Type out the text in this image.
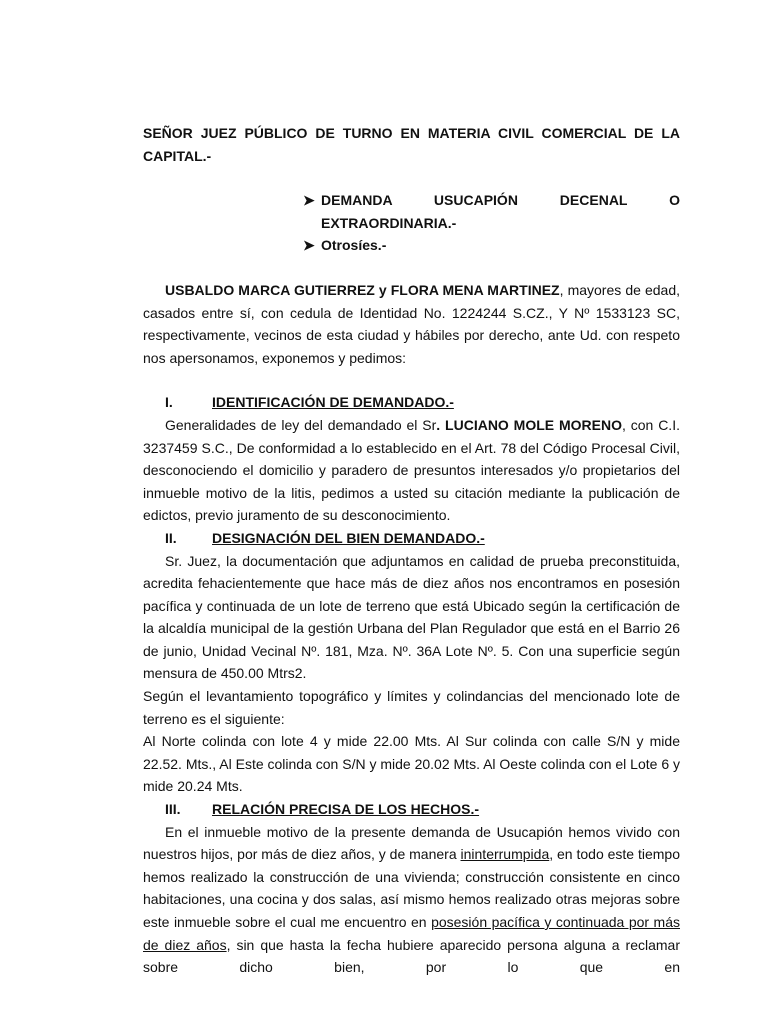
SEÑOR JUEZ PÚBLICO DE TURNO EN MATERIA CIVIL COMERCIAL DE LA CAPITAL.-

➤ DEMANDA USUCAPIÓN DECENAL O EXTRAORDINARIA.-
➤ Otrosíes.-

USBALDO MARCA GUTIERREZ y FLORA MENA MARTINEZ, mayores de edad, casados entre sí, con cedula de Identidad No. 1224244 S.CZ., Y Nº 1533123 SC, respectivamente, vecinos de esta ciudad y hábiles por derecho, ante Ud. con respeto nos apersonamos, exponemos y pedimos:

I.	IDENTIFICACIÓN DE DEMANDADO.-

Generalidades de ley del demandado el Sr. LUCIANO MOLE MORENO, con C.I. 3237459 S.C., De conformidad a lo establecido en el Art. 78 del Código Procesal Civil, desconociendo el domicilio y paradero de presuntos interesados y/o propietarios del inmueble motivo de la litis, pedimos a usted su citación mediante la publicación de edictos, previo juramento de su desconocimiento.

II.	DESIGNACIÓN DEL BIEN DEMANDADO.-

Sr. Juez, la documentación que adjuntamos en calidad de prueba preconstituida, acredita fehacientemente que hace más de diez años nos encontramos en posesión pacífica y continuada de un lote de terreno que está Ubicado según la certificación de la alcaldía municipal de la gestión Urbana del Plan Regulador que está en el Barrio 26 de junio, Unidad Vecinal Nº. 181, Mza. Nº. 36A Lote Nº. 5. Con una superficie según mensura de 450.00 Mtrs2.

Según el levantamiento topográfico y límites y colindancias del mencionado lote de terreno es el siguiente:

Al Norte colinda con lote 4 y mide 22.00 Mts. Al Sur colinda con calle S/N y mide 22.52. Mts., Al Este colinda con S/N y mide 20.02 Mts. Al Oeste colinda con el Lote 6 y mide 20.24 Mts.

III.	RELACIÓN PRECISA DE LOS HECHOS.-

En el inmueble motivo de la presente demanda de Usucapión hemos vivido con nuestros hijos, por más de diez años, y de manera ininterrumpida, en todo este tiempo hemos realizado la construcción de una vivienda; construcción consistente en cinco habitaciones, una cocina y dos salas, así mismo hemos realizado otras mejoras sobre este inmueble sobre el cual me encuentro en posesión pacífica y continuada por más de diez años, sin que hasta la fecha hubiere aparecido persona alguna a reclamar sobre dicho bien, por lo que en
